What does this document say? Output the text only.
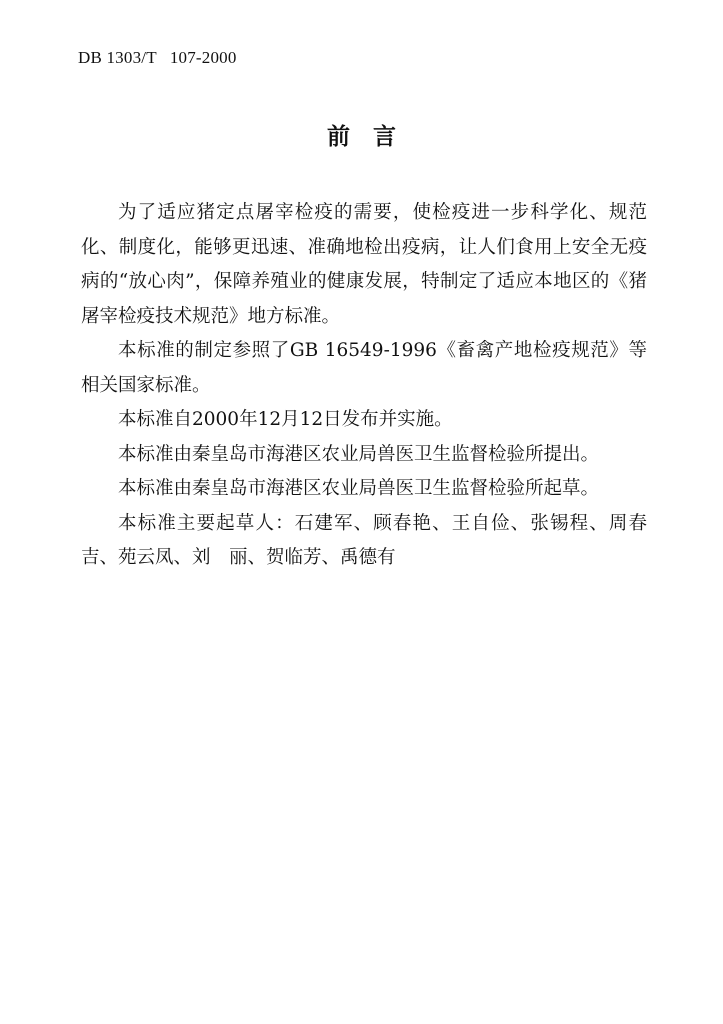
DB 1303/T   107-2000
前　言

为了适应猪定点屠宰检疫的需要，使检疫进一步科学化、规范化、制度化，能够更迅速、准确地检出疫病，让人们食用上安全无疫病的“放心肉”，保障养殖业的健康发展，特制定了适应本地区的《猪屠宰检疫技术规范》地方标准。

本标准的制定参照了GB 16549-1996《畜禽产地检疫规范》等相关国家标准。

本标准自2000年12月12日发布并实施。

本标准由秦皇岛市海港区农业局兽医卫生监督检验所提出。

本标准由秦皇岛市海港区农业局兽医卫生监督检验所起草。

本标准主要起草人：石建军、顾春艳、王自俭、张锡程、周春吉、苑云凤、刘　丽、贺临芳、禹德有
